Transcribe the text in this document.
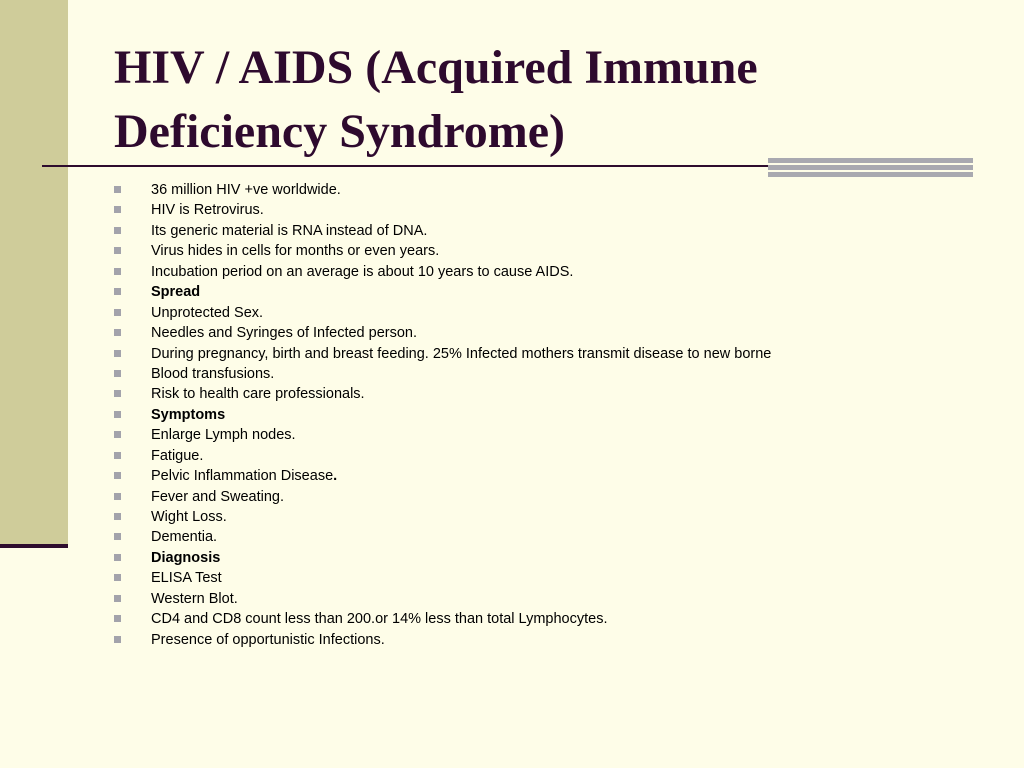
HIV / AIDS (Acquired Immune
Deficiency Syndrome)
36 million HIV +ve worldwide.
HIV is Retrovirus.
Its generic material is RNA instead of DNA.
Virus hides in cells for months or even years.
Incubation period on an average is about 10 years to cause AIDS.
Spread
Unprotected Sex.
Needles and Syringes of Infected person.
During pregnancy, birth and breast feeding. 25% Infected mothers transmit disease to new borne
Blood transfusions.
Risk to health care professionals.
Symptoms
Enlarge Lymph nodes.
Fatigue.
Pelvic Inflammation Disease.
Fever and Sweating.
Wight Loss.
Dementia.
Diagnosis
ELISA Test
Western Blot.
CD4 and CD8 count less than 200.or 14% less than total Lymphocytes.
Presence of opportunistic Infections.
